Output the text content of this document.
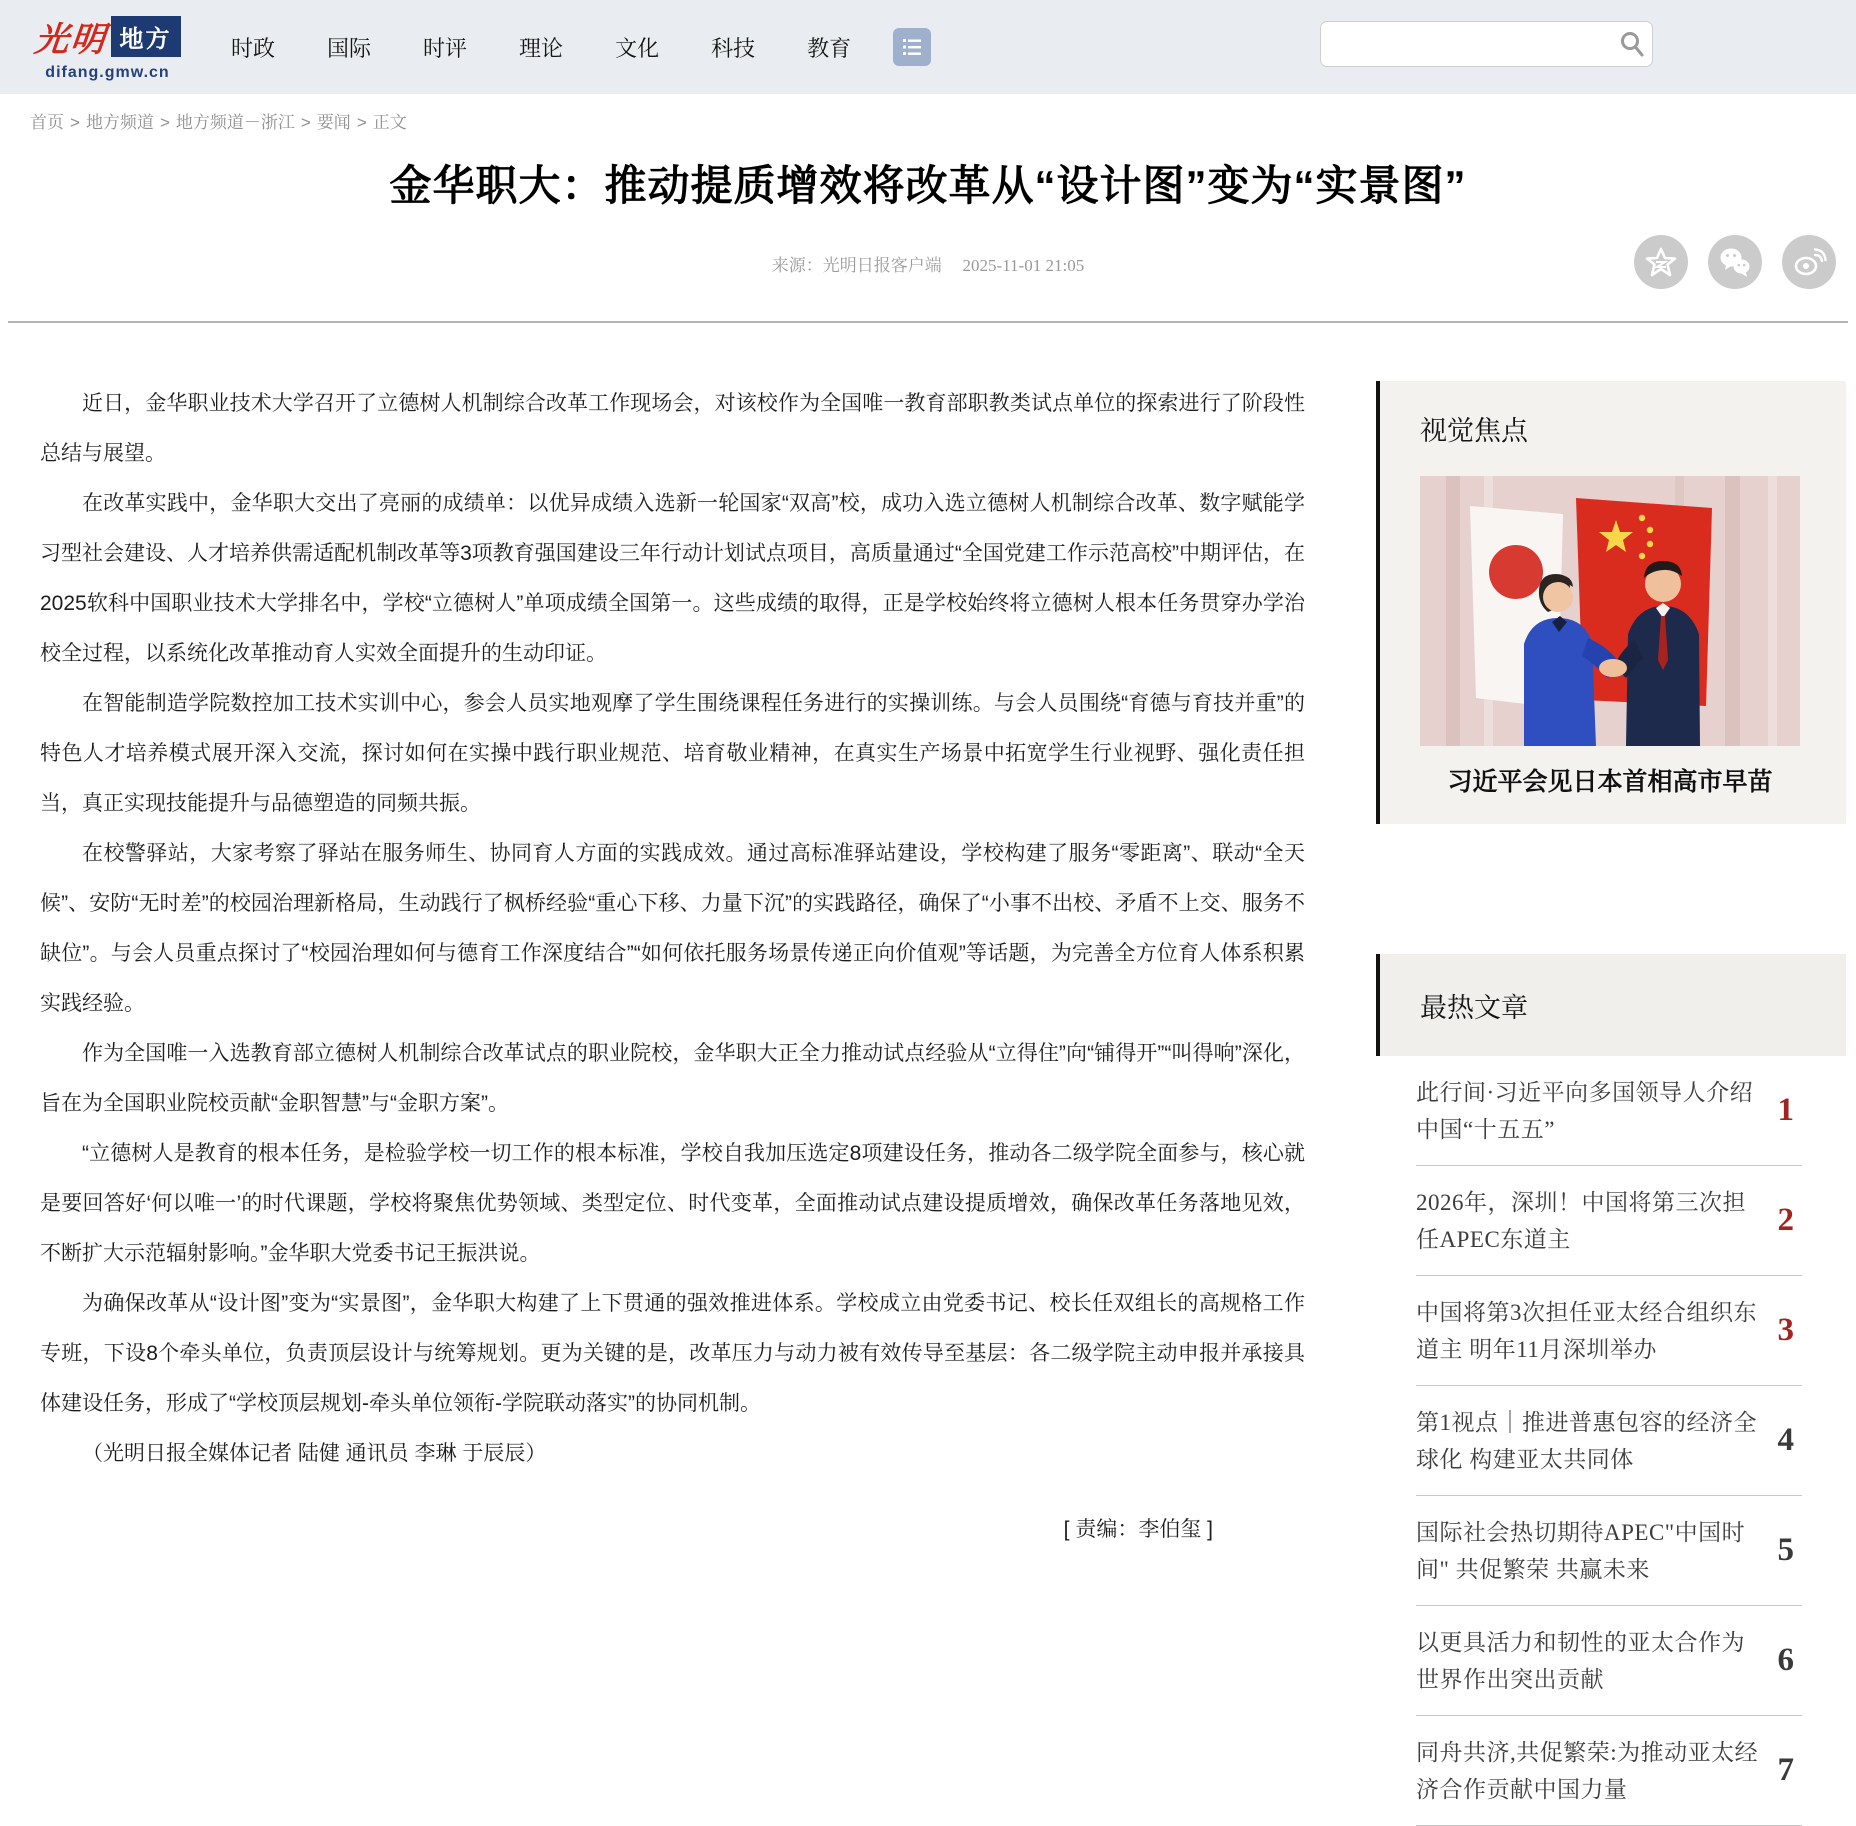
光明 地方
difang.gmw.cn
时政 国际 时评 理论 文化 科技 教育
首页 > 地方频道 > 地方频道－浙江 > 要闻 > 正文
金华职大：推动提质增效将改革从“设计图”变为“实景图”
来源：光明日报客户端 2025-11-01 21:05

近日，金华职业技术大学召开了立德树人机制综合改革工作现场会，对该校作为全国唯一教育部职教类试点单位的探索进行了阶段性总结与展望。

在改革实践中，金华职大交出了亮丽的成绩单：以优异成绩入选新一轮国家“双高”校，成功入选立德树人机制综合改革、数字赋能学习型社会建设、人才培养供需适配机制改革等3项教育强国建设三年行动计划试点项目，高质量通过“全国党建工作示范高校”中期评估，在2025软科中国职业技术大学排名中，学校“立德树人”单项成绩全国第一。这些成绩的取得，正是学校始终将立德树人根本任务贯穿办学治校全过程，以系统化改革推动育人实效全面提升的生动印证。

在智能制造学院数控加工技术实训中心，参会人员实地观摩了学生围绕课程任务进行的实操训练。与会人员围绕“育德与育技并重”的特色人才培养模式展开深入交流，探讨如何在实操中践行职业规范、培育敬业精神，在真实生产场景中拓宽学生行业视野、强化责任担当，真正实现技能提升与品德塑造的同频共振。

在校警驿站，大家考察了驿站在服务师生、协同育人方面的实践成效。通过高标准驿站建设，学校构建了服务“零距离”、联动“全天候”、安防“无时差”的校园治理新格局，生动践行了枫桥经验“重心下移、力量下沉”的实践路径，确保了“小事不出校、矛盾不上交、服务不缺位”。与会人员重点探讨了“校园治理如何与德育工作深度结合”“如何依托服务场景传递正向价值观”等话题，为完善全方位育人体系积累实践经验。

作为全国唯一入选教育部立德树人机制综合改革试点的职业院校，金华职大正全力推动试点经验从“立得住”向“铺得开”“叫得响”深化，旨在为全国职业院校贡献“金职智慧”与“金职方案”。

“立德树人是教育的根本任务，是检验学校一切工作的根本标准，学校自我加压选定8项建设任务，推动各二级学院全面参与，核心就是要回答好‘何以唯一’的时代课题，学校将聚焦优势领域、类型定位、时代变革，全面推动试点建设提质增效，确保改革任务落地见效，不断扩大示范辐射影响。”金华职大党委书记王振洪说。

为确保改革从“设计图”变为“实景图”，金华职大构建了上下贯通的强效推进体系。学校成立由党委书记、校长任双组长的高规格工作专班，下设8个牵头单位，负责顶层设计与统筹规划。更为关键的是，改革压力与动力被有效传导至基层：各二级学院主动申报并承接具体建设任务，形成了“学校顶层规划-牵头单位领衔-学院联动落实”的协同机制。

（光明日报全媒体记者 陆健 通讯员 李琳 于辰辰）

[ 责编：李伯玺 ]
视觉焦点
习近平会见日本首相高市早苗
最热文章
此行间·习近平向多国领导人介绍中国“十五五”
1
2026年，深圳！中国将第三次担任APEC东道主
2
中国将第3次担任亚太经合组织东道主 明年11月深圳举办
3
第1视点｜推进普惠包容的经济全球化 构建亚太共同体
4
国际社会热切期待APEC"中国时间" 共促繁荣 共赢未来
5
以更具活力和韧性的亚太合作为世界作出突出贡献
6
同舟共济,共促繁荣:为推动亚太经济合作贡献中国力量
7
